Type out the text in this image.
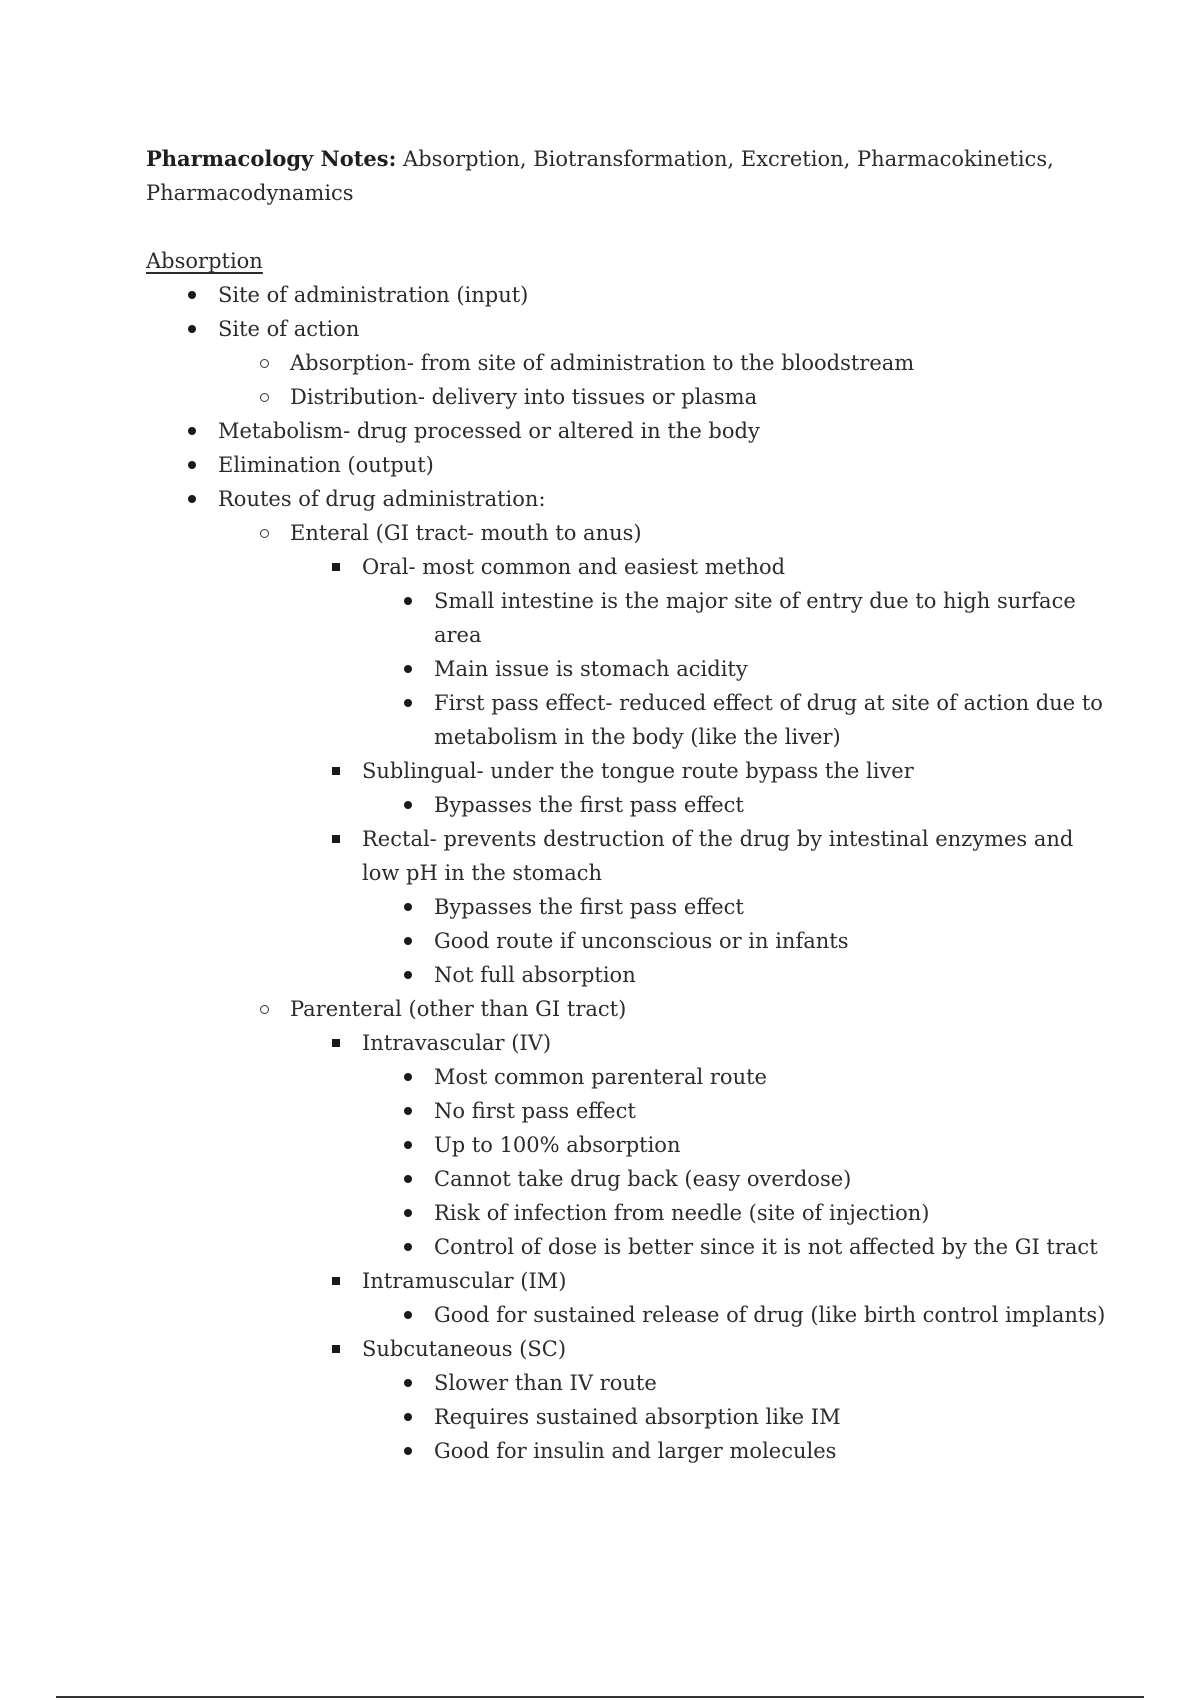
Pharmacology Notes: Absorption, Biotransformation, Excretion, Pharmacokinetics, Pharmacodynamics

Absorption
Site of administration (input)
Site of action
Absorption- from site of administration to the bloodstream
Distribution- delivery into tissues or plasma
Metabolism- drug processed or altered in the body
Elimination (output)
Routes of drug administration:
Enteral (GI tract- mouth to anus)
Oral- most common and easiest method
Small intestine is the major site of entry due to high surface area
Main issue is stomach acidity
First pass effect- reduced effect of drug at site of action due to metabolism in the body (like the liver)
Sublingual- under the tongue route bypass the liver
Bypasses the first pass effect
Rectal- prevents destruction of the drug by intestinal enzymes and low pH in the stomach
Bypasses the first pass effect
Good route if unconscious or in infants
Not full absorption
Parenteral (other than GI tract)
Intravascular (IV)
Most common parenteral route
No first pass effect
Up to 100% absorption
Cannot take drug back (easy overdose)
Risk of infection from needle (site of injection)
Control of dose is better since it is not affected by the GI tract
Intramuscular (IM)
Good for sustained release of drug (like birth control implants)
Subcutaneous (SC)
Slower than IV route
Requires sustained absorption like IM
Good for insulin and larger molecules
